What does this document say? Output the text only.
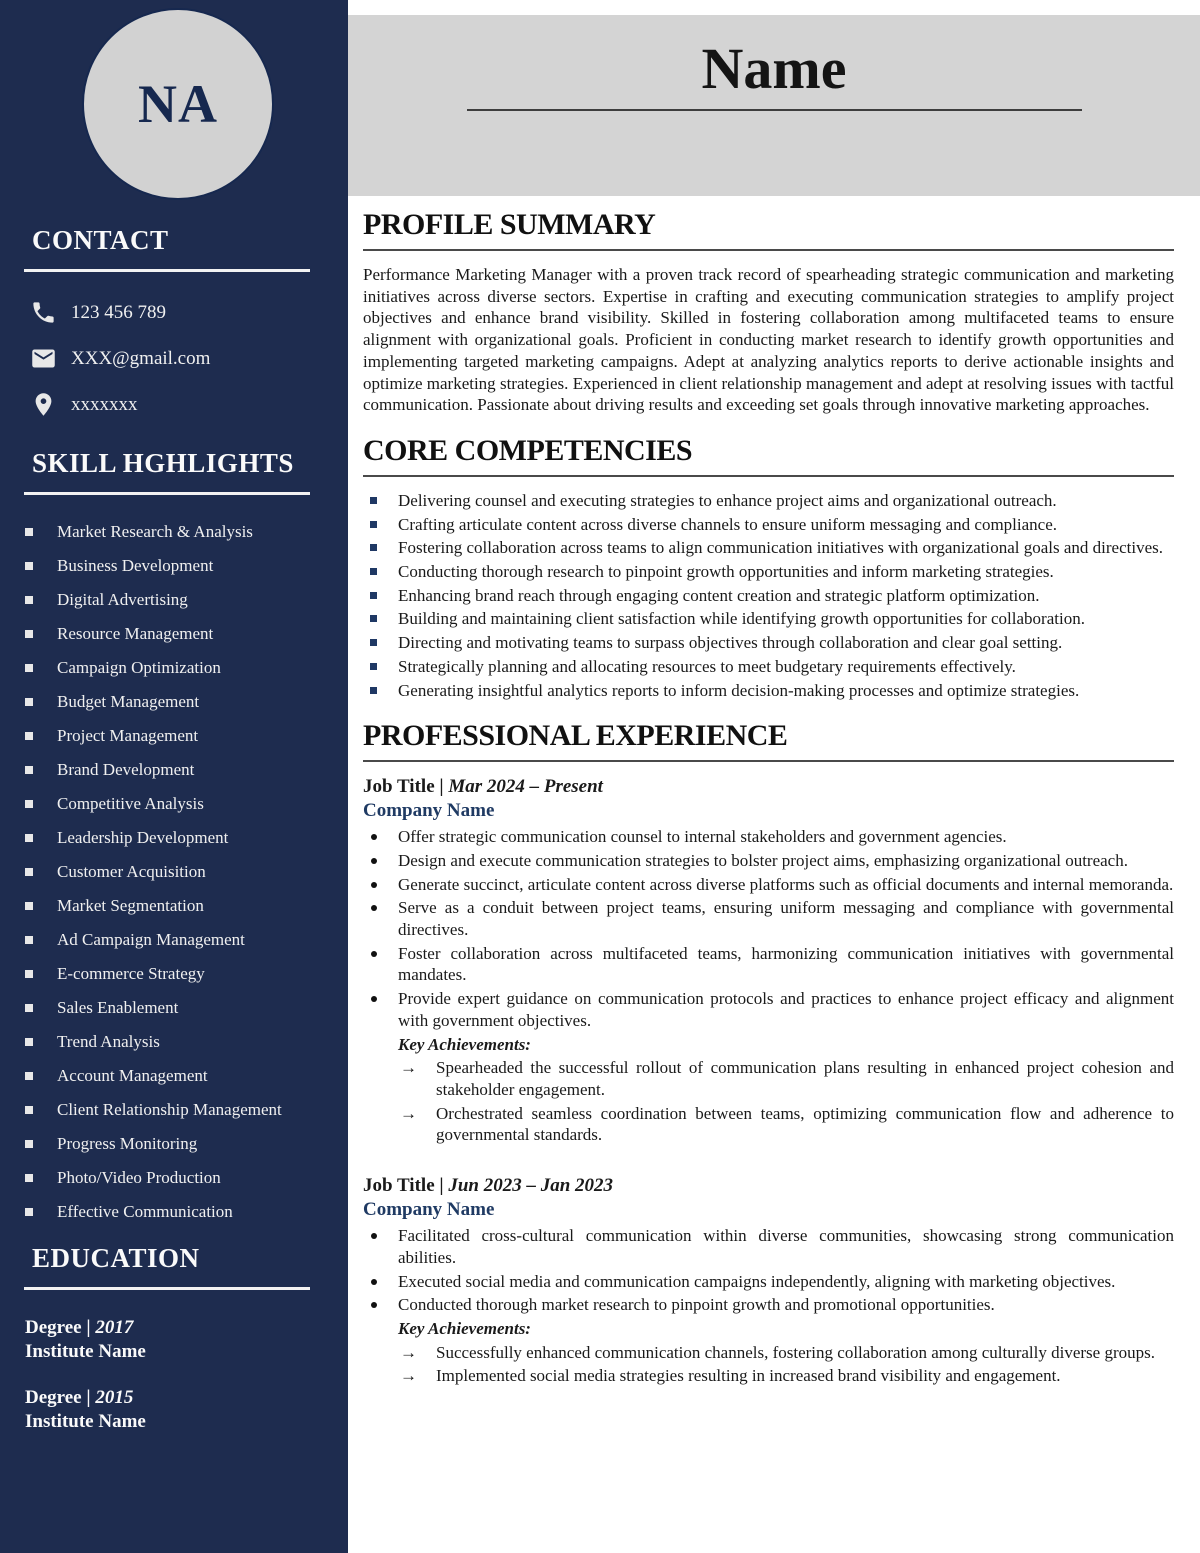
NA
CONTACT
123 456 789
XXX@gmail.com
xxxxxxx
SKILL HGHLIGHTS
Market Research & Analysis
Business Development
Digital Advertising
Resource Management
Campaign Optimization
Budget Management
Project Management
Brand Development
Competitive Analysis
Leadership Development
Customer Acquisition
Market Segmentation
Ad Campaign Management
E-commerce Strategy
Sales Enablement
Trend Analysis
Account Management
Client Relationship Management
Progress Monitoring
Photo/Video Production
Effective Communication
EDUCATION
Degree | 2017
Institute Name
Degree | 2015
Institute Name
Name
PROFILE SUMMARY

Performance Marketing Manager with a proven track record of spearheading strategic communication and marketing initiatives across diverse sectors. Expertise in crafting and executing communication strategies to amplify project objectives and enhance brand visibility. Skilled in fostering collaboration among multifaceted teams to ensure alignment with organizational goals. Proficient in conducting market research to identify growth opportunities and implementing targeted marketing campaigns. Adept at analyzing analytics reports to derive actionable insights and optimize marketing strategies. Experienced in client relationship management and adept at resolving issues with tactful communication. Passionate about driving results and exceeding set goals through innovative marketing approaches.

CORE COMPETENCIES
Delivering counsel and executing strategies to enhance project aims and organizational outreach.
Crafting articulate content across diverse channels to ensure uniform messaging and compliance.
Fostering collaboration across teams to align communication initiatives with organizational goals and directives.
Conducting thorough research to pinpoint growth opportunities and inform marketing strategies.
Enhancing brand reach through engaging content creation and strategic platform optimization.
Building and maintaining client satisfaction while identifying growth opportunities for collaboration.
Directing and motivating teams to surpass objectives through collaboration and clear goal setting.
Strategically planning and allocating resources to meet budgetary requirements effectively.
Generating insightful analytics reports to inform decision-making processes and optimize strategies.
PROFESSIONAL EXPERIENCE
Job Title | Mar 2024 – Present
Company Name
Offer strategic communication counsel to internal stakeholders and government agencies.
Design and execute communication strategies to bolster project aims, emphasizing organizational outreach.
Generate succinct, articulate content across diverse platforms such as official documents and internal memoranda.
Serve as a conduit between project teams, ensuring uniform messaging and compliance with governmental directives.
Foster collaboration across multifaceted teams, harmonizing communication initiatives with governmental mandates.
Provide expert guidance on communication protocols and practices to enhance project efficacy and alignment with government objectives.
Key Achievements:
→ Spearheaded the successful rollout of communication plans resulting in enhanced project cohesion and stakeholder engagement.
→ Orchestrated seamless coordination between teams, optimizing communication flow and adherence to governmental standards.
Job Title | Jun 2023 – Jan 2023
Company Name
Facilitated cross-cultural communication within diverse communities, showcasing strong communication abilities.
Executed social media and communication campaigns independently, aligning with marketing objectives.
Conducted thorough market research to pinpoint growth and promotional opportunities.
Key Achievements:
→ Successfully enhanced communication channels, fostering collaboration among culturally diverse groups.
→ Implemented social media strategies resulting in increased brand visibility and engagement.
